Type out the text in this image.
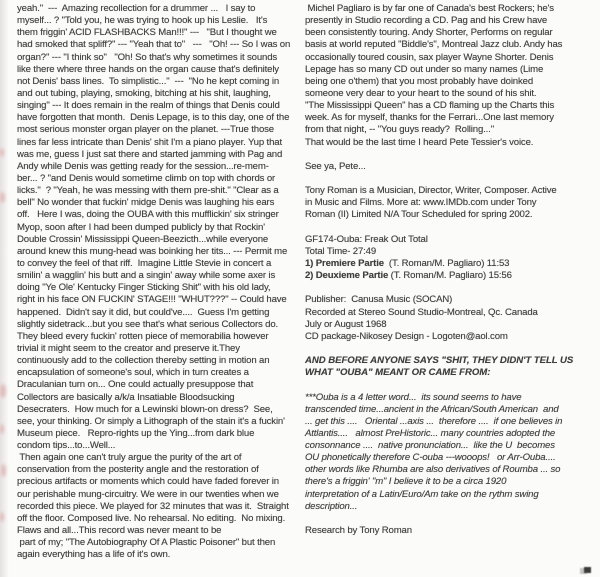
yeah."  ---  Amazing recollection for a drummer ...   I say to
myself... ? "Told you, he was trying to hook up his Leslie.   It's
them friggin' ACID FLASHBACKS Man!!!" ---   "But I thought we
had smoked that spliff?" --- "Yeah that to"   ---   "Oh! --- So I was on
organ?" --- "I think so"   "Oh! So that's why sometimes it sounds
like there where three hands on the organ cause that's definitely
not Denis' bass lines.  To simplistic..."  ---  "No he kept coming in
and out tubing, playing, smoking, bitching at his shit, laughing,
singing" --- It does remain in the realm of things that Denis could
have forgotten that month.  Denis Lepage, is to this day, one of the
most serious monster organ player on the planet. ---True those
lines far less intricate than Denis' shit I'm a piano player. Yup that
was me, guess I just sat there and started jamming with Pag and
Andy while Denis was getting ready for the session...re-mem-
ber... ? "and Denis would sometime climb on top with chords or
licks."  ? "Yeah, he was messing with them pre-shit." "Clear as a
bell" No wonder that fuckin' midge Denis was laughing his ears
off.   Here I was, doing the OUBA with this mufflickin' six stringer
Myop, soon after I had been dumped publicly by that Rockin'
Double Crossin' Mississippi Queen-Beezicth...while everyone
around knew this mung-head was boinking her tits... --- Permit me
to convey the feel of that riff.  Imagine Little Stevie in concert a
smilin' a wagglin' his butt and a singin' away while some axer is
doing "Ye Ole' Kentucky Finger Sticking Shit" with his old lady,
right in his face ON FUCKIN' STAGE!!! "WHUT???" -- Could have
happened.  Didn't say it did, but could've....  Guess I'm getting
slightly sidetrack...but you see that's what serious Collectors do.
They bleed every fuckin' rotten piece of memorabilia however
trivial it might seem to the creator and preserve it.They
continuously add to the collection thereby setting in motion an
encapsulation of someone's soul, which in turn creates a
Draculanian turn on... One could actually presuppose that
Collectors are basically a/k/a Insatiable Bloodsucking
Desecraters.  How much for a Lewinski blown-on dress?  See,
see, your thinking. Or simply a Lithograph of the stain it's a fuckin'
Museum piece.   Repro-rights up the Ying...from dark blue
condom tips...to...Well...
Then again one can't truly argue the purity of the art of
conservation from the posterity angle and the restoration of
precious artifacts or moments which could have faded forever in
our perishable mung-circuitry. We were in our twenties when we
recorded this piece. We played for 32 minutes that was it.  Straight
off the floor. Composed live. No rehearsal. No editing.  No mixing.
Flaws and all...This record was never meant to be
part of my; "The Autobiography Of A Plastic Poisoner" but then
again everything has a life of it's own.
Michel Pagliaro is by far one of Canada's best Rockers; he's
presently in Studio recording a CD. Pag and his Crew have
been consistently touring. Andy Shorter, Performs on regular
basis at world reputed "Biddle's", Montreal Jazz club. Andy has
occasionally toured cousin, sax player Wayne Shorter. Denis
Lepage has so many CD out under so many names (Lime
being one o'them) that you most probably have doinked
someone very dear to your heart to the sound of his shit.
"The Mississippi Queen" has a CD flaming up the Charts this
week. As for myself, thanks for the Ferrari...One last memory
from that night, -- "You guys ready?  Rolling..."
That would be the last time I heard Pete Tessier's voice.
See ya, Pete...
Tony Roman is a Musician, Director, Writer, Composer. Active
in Music and Films. More at: www.IMDb.com under Tony
Roman (II) Limited N/A Tour Scheduled for spring 2002.
GF174-Ouba: Freak Out Total
Total Time- 27:49
1) Premiere Partie  (T. Roman/M. Pagliaro) 11:53
2) Deuxieme Partie (T. Roman/M. Pagliaro) 15:56
Publisher:  Canusa Music (SOCAN)
Recorded at Stereo Sound Studio-Montreal, Qc. Canada
July or August 1968
CD package-Nikosey Design - Logoten@aol.com
AND BEFORE ANYONE SAYS "SHIT, THEY DIDN'T TELL US
WHAT "OUBA" MEANT OR CAME FROM:
***Ouba is a 4 letter word...  its sound seems to have
transcended time...ancient in the African/South American  and
... get this ....   Oriental ...axis ...  therefore ....  if one believes in
Attlantis....   almost PreHistoric... many countries adopted the
consonnance ....  native pronunciation...  like the U  becomes
OU phonetically therefore C-ouba ---wooops!   or Arr-Ouba....
other words like Rhumba are also derivatives of Roumba ... so
there's a friggin' "m" I believe it to be a circa 1920
interpretation of a Latin/Euro/Am take on the rythm swing
description...
Research by Tony Roman
